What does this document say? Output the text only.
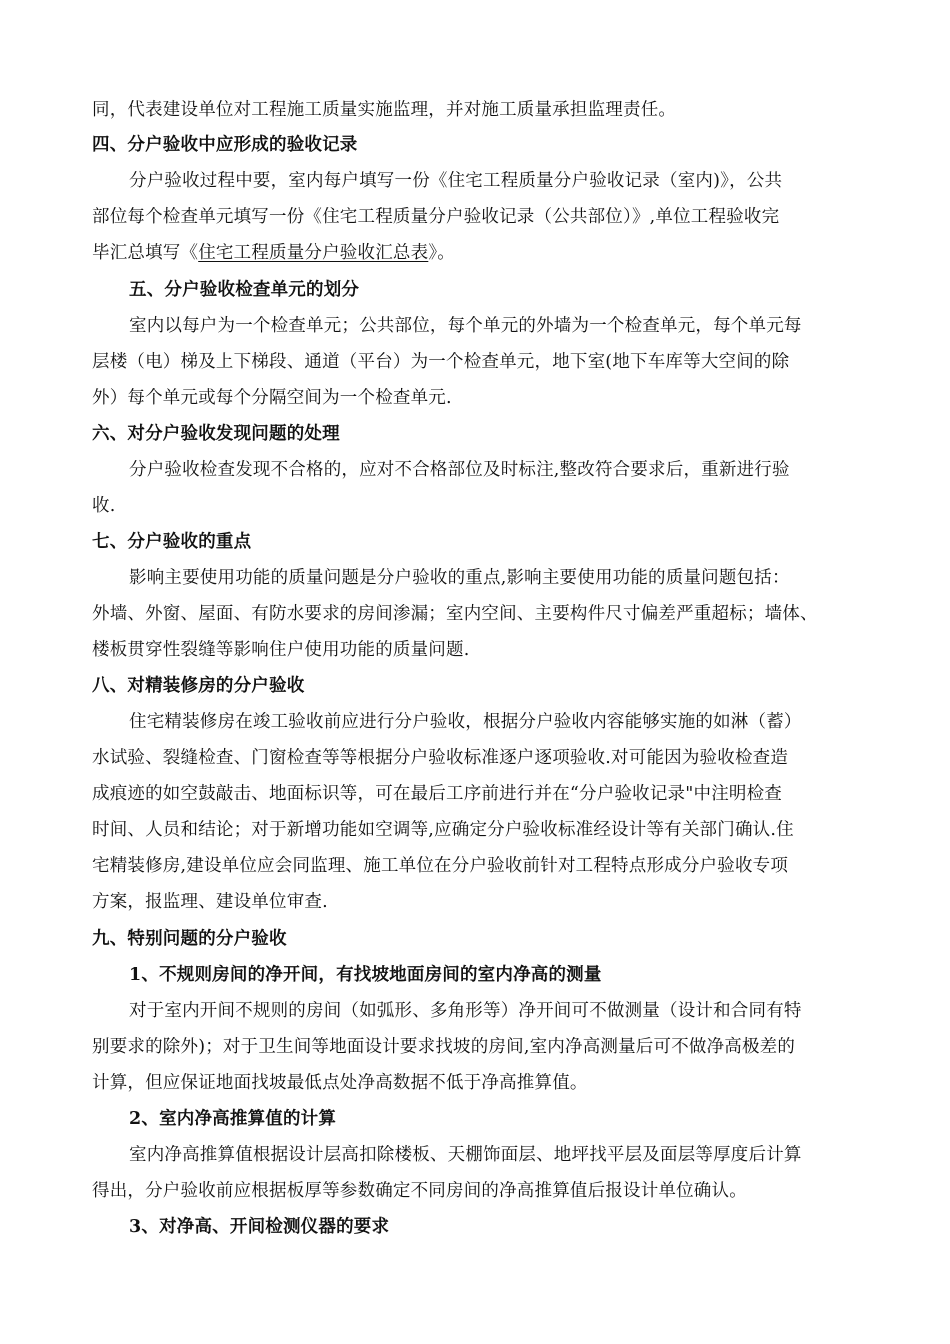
同，代表建设单位对工程施工质量实施监理，并对施工质量承担监理责任。
四、分户验收中应形成的验收记录
分户验收过程中要，室内每户填写一份《住宅工程质量分户验收记录（室内)》，公共
部位每个检查单元填写一份《住宅工程质量分户验收记录（公共部位）》,单位工程验收完
毕汇总填写《住宅工程质量分户验收汇总表》。
五、分户验收检查单元的划分
室内以每户为一个检查单元；公共部位，每个单元的外墙为一个检查单元，每个单元每
层楼（电）梯及上下梯段、通道（平台）为一个检查单元，地下室(地下车库等大空间的除
外）每个单元或每个分隔空间为一个检查单元.
六、对分户验收发现问题的处理
分户验收检查发现不合格的，应对不合格部位及时标注,整改符合要求后，重新进行验
收.
七、分户验收的重点
影响主要使用功能的质量问题是分户验收的重点,影响主要使用功能的质量问题包括：
外墙、外窗、屋面、有防水要求的房间渗漏；室内空间、主要构件尺寸偏差严重超标；墙体、
楼板贯穿性裂缝等影响住户使用功能的质量问题.
八、对精装修房的分户验收
住宅精装修房在竣工验收前应进行分户验收，根据分户验收内容能够实施的如淋（蓄）
水试验、裂缝检查、门窗检查等等根据分户验收标准逐户逐项验收.对可能因为验收检查造
成痕迹的如空鼓敲击、地面标识等，可在最后工序前进行并在“分户验收记录"中注明检查
时间、人员和结论；对于新增功能如空调等,应确定分户验收标准经设计等有关部门确认.住
宅精装修房,建设单位应会同监理、施工单位在分户验收前针对工程特点形成分户验收专项
方案，报监理、建设单位审查.
九、特别问题的分户验收
1、不规则房间的净开间，有找坡地面房间的室内净高的测量
对于室内开间不规则的房间（如弧形、多角形等）净开间可不做测量（设计和合同有特
别要求的除外)；对于卫生间等地面设计要求找坡的房间,室内净高测量后可不做净高极差的
计算，但应保证地面找坡最低点处净高数据不低于净高推算值。
2、室内净高推算值的计算
室内净高推算值根据设计层高扣除楼板、天棚饰面层、地坪找平层及面层等厚度后计算
得出，分户验收前应根据板厚等参数确定不同房间的净高推算值后报设计单位确认。
3、对净高、开间检测仪器的要求
